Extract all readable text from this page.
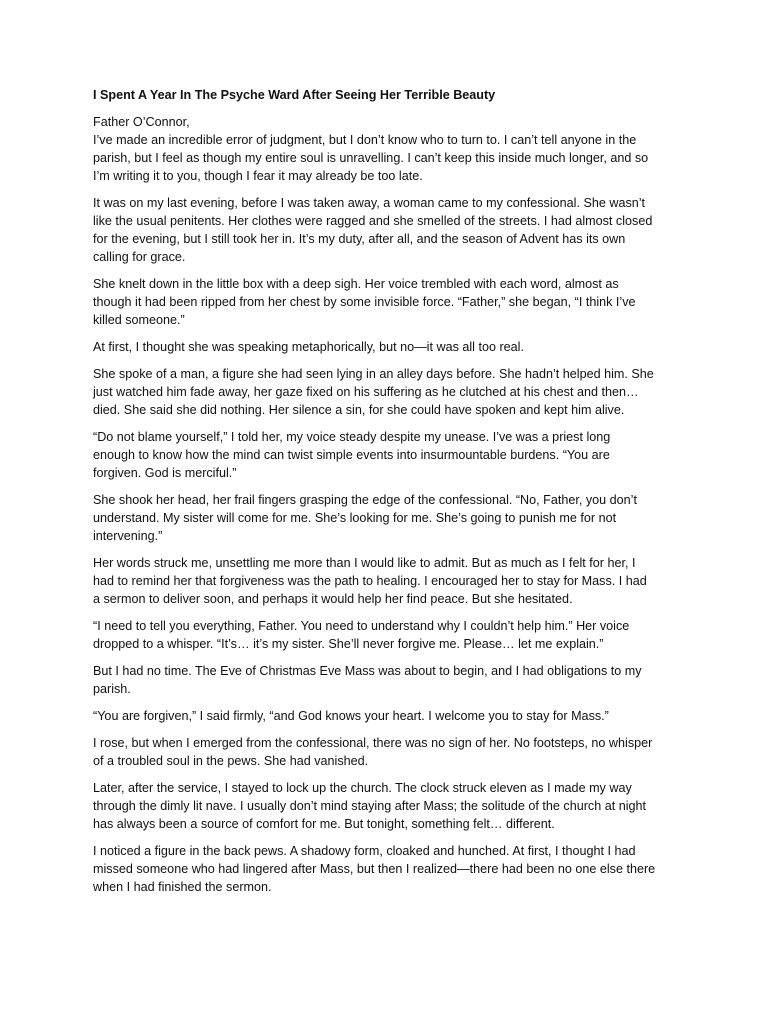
I Spent A Year In The Psyche Ward After Seeing Her Terrible Beauty
Father O’Connor,
I’ve made an incredible error of judgment, but I don’t know who to turn to. I can’t tell anyone in the
parish, but I feel as though my entire soul is unravelling. I can’t keep this inside much longer, and so
I’m writing it to you, though I fear it may already be too late.
It was on my last evening, before I was taken away, a woman came to my confessional. She wasn’t
like the usual penitents. Her clothes were ragged and she smelled of the streets. I had almost closed
for the evening, but I still took her in. It’s my duty, after all, and the season of Advent has its own
calling for grace.
She knelt down in the little box with a deep sigh. Her voice trembled with each word, almost as
though it had been ripped from her chest by some invisible force. “Father,” she began, “I think I’ve
killed someone.”
At first, I thought she was speaking metaphorically, but no—it was all too real.
She spoke of a man, a figure she had seen lying in an alley days before. She hadn’t helped him. She
just watched him fade away, her gaze fixed on his suffering as he clutched at his chest and then…
died. She said she did nothing. Her silence a sin, for she could have spoken and kept him alive.
“Do not blame yourself,” I told her, my voice steady despite my unease. I’ve was a priest long
enough to know how the mind can twist simple events into insurmountable burdens. “You are
forgiven. God is merciful.”
She shook her head, her frail fingers grasping the edge of the confessional. “No, Father, you don’t
understand. My sister will come for me. She’s looking for me. She’s going to punish me for not
intervening.”
Her words struck me, unsettling me more than I would like to admit. But as much as I felt for her, I
had to remind her that forgiveness was the path to healing. I encouraged her to stay for Mass. I had
a sermon to deliver soon, and perhaps it would help her find peace. But she hesitated.
“I need to tell you everything, Father. You need to understand why I couldn’t help him.” Her voice
dropped to a whisper. “It’s… it’s my sister. She’ll never forgive me. Please… let me explain.”
But I had no time. The Eve of Christmas Eve Mass was about to begin, and I had obligations to my
parish.
“You are forgiven,” I said firmly, “and God knows your heart. I welcome you to stay for Mass.”
I rose, but when I emerged from the confessional, there was no sign of her. No footsteps, no whisper
of a troubled soul in the pews. She had vanished.
Later, after the service, I stayed to lock up the church. The clock struck eleven as I made my way
through the dimly lit nave. I usually don’t mind staying after Mass; the solitude of the church at night
has always been a source of comfort for me. But tonight, something felt… different.
I noticed a figure in the back pews. A shadowy form, cloaked and hunched. At first, I thought I had
missed someone who had lingered after Mass, but then I realized—there had been no one else there
when I had finished the sermon.
